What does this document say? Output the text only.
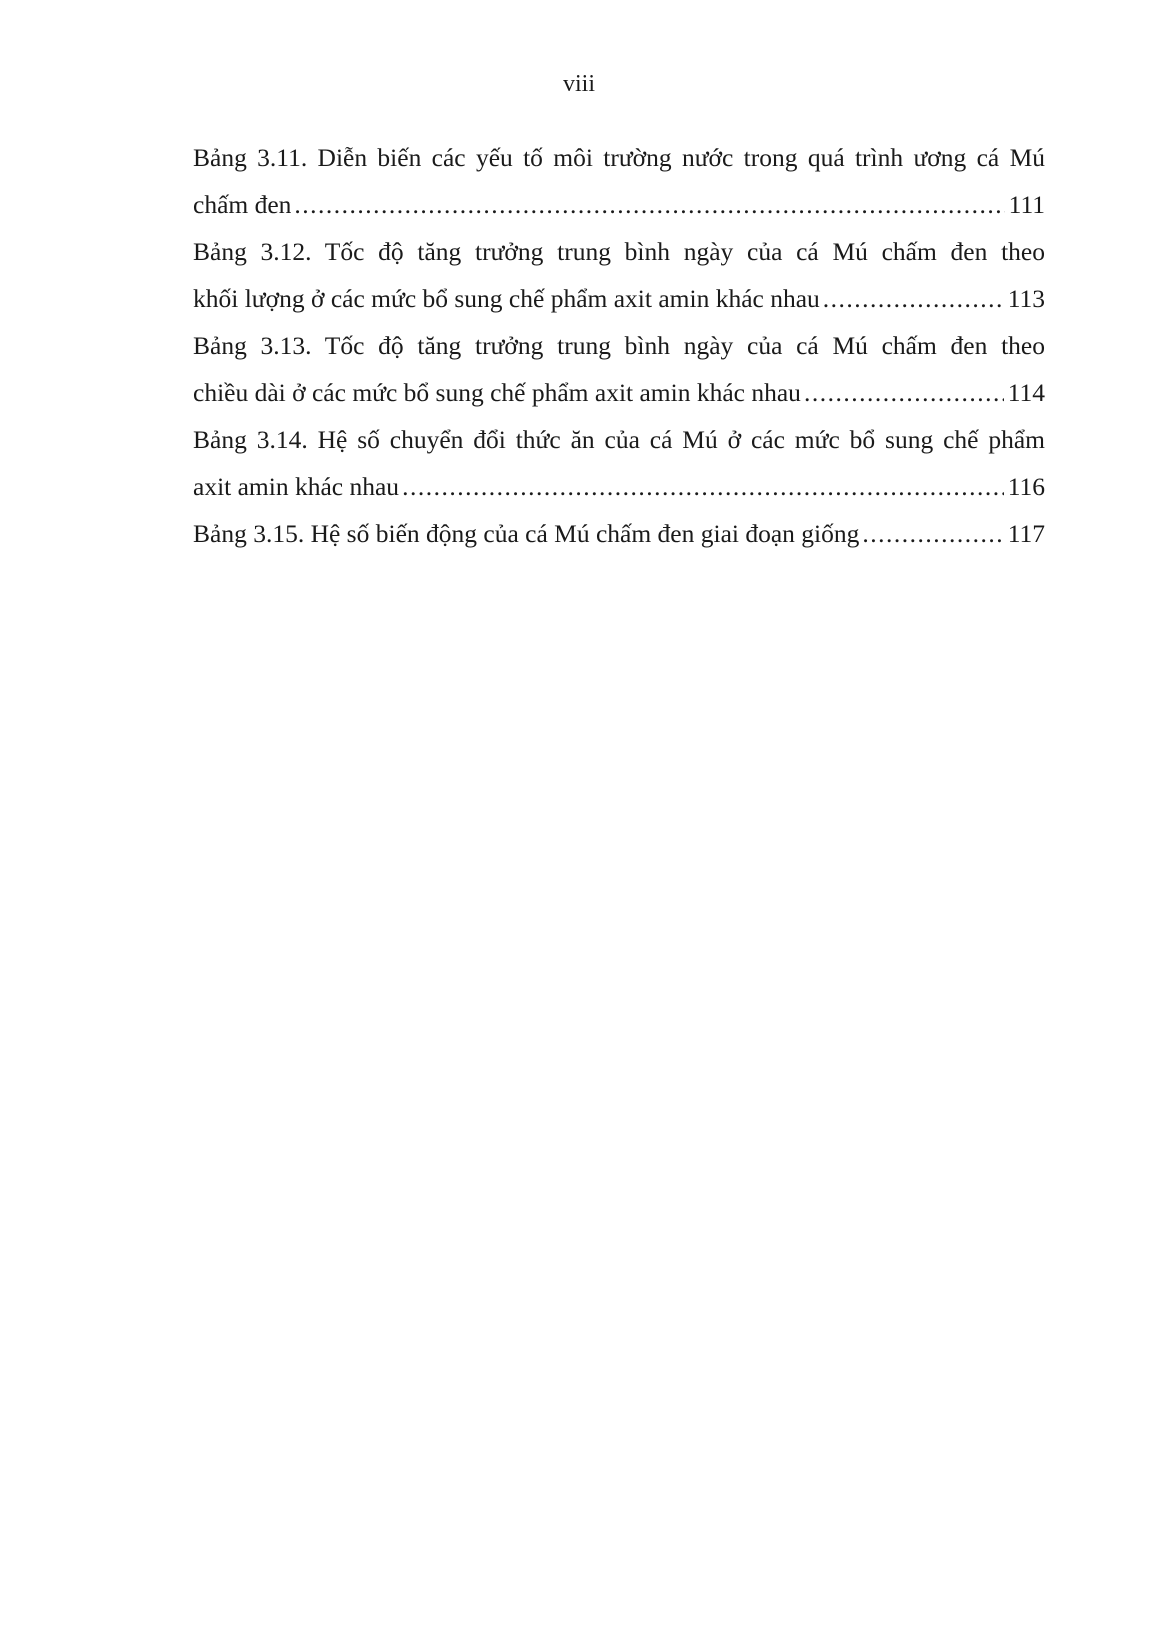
viii
Bảng 3.11. Diễn biến các yếu tố môi trường nước trong quá trình ương cá Mú
chấm đen .....	111
Bảng 3.12. Tốc độ tăng trưởng trung bình ngày của cá Mú chấm đen theo
khối lượng ở các mức bổ sung chế phẩm axit amin khác nhau .....	113
Bảng 3.13. Tốc độ tăng trưởng trung bình ngày của cá Mú chấm đen theo
chiều dài ở các mức bổ sung chế phẩm axit amin khác nhau .....	114
Bảng 3.14. Hệ số chuyển đổi thức ăn của cá Mú ở các mức bổ sung chế phẩm
axit amin khác nhau .....	116
Bảng 3.15. Hệ số biến động của cá Mú chấm đen giai đoạn giống .....	117
